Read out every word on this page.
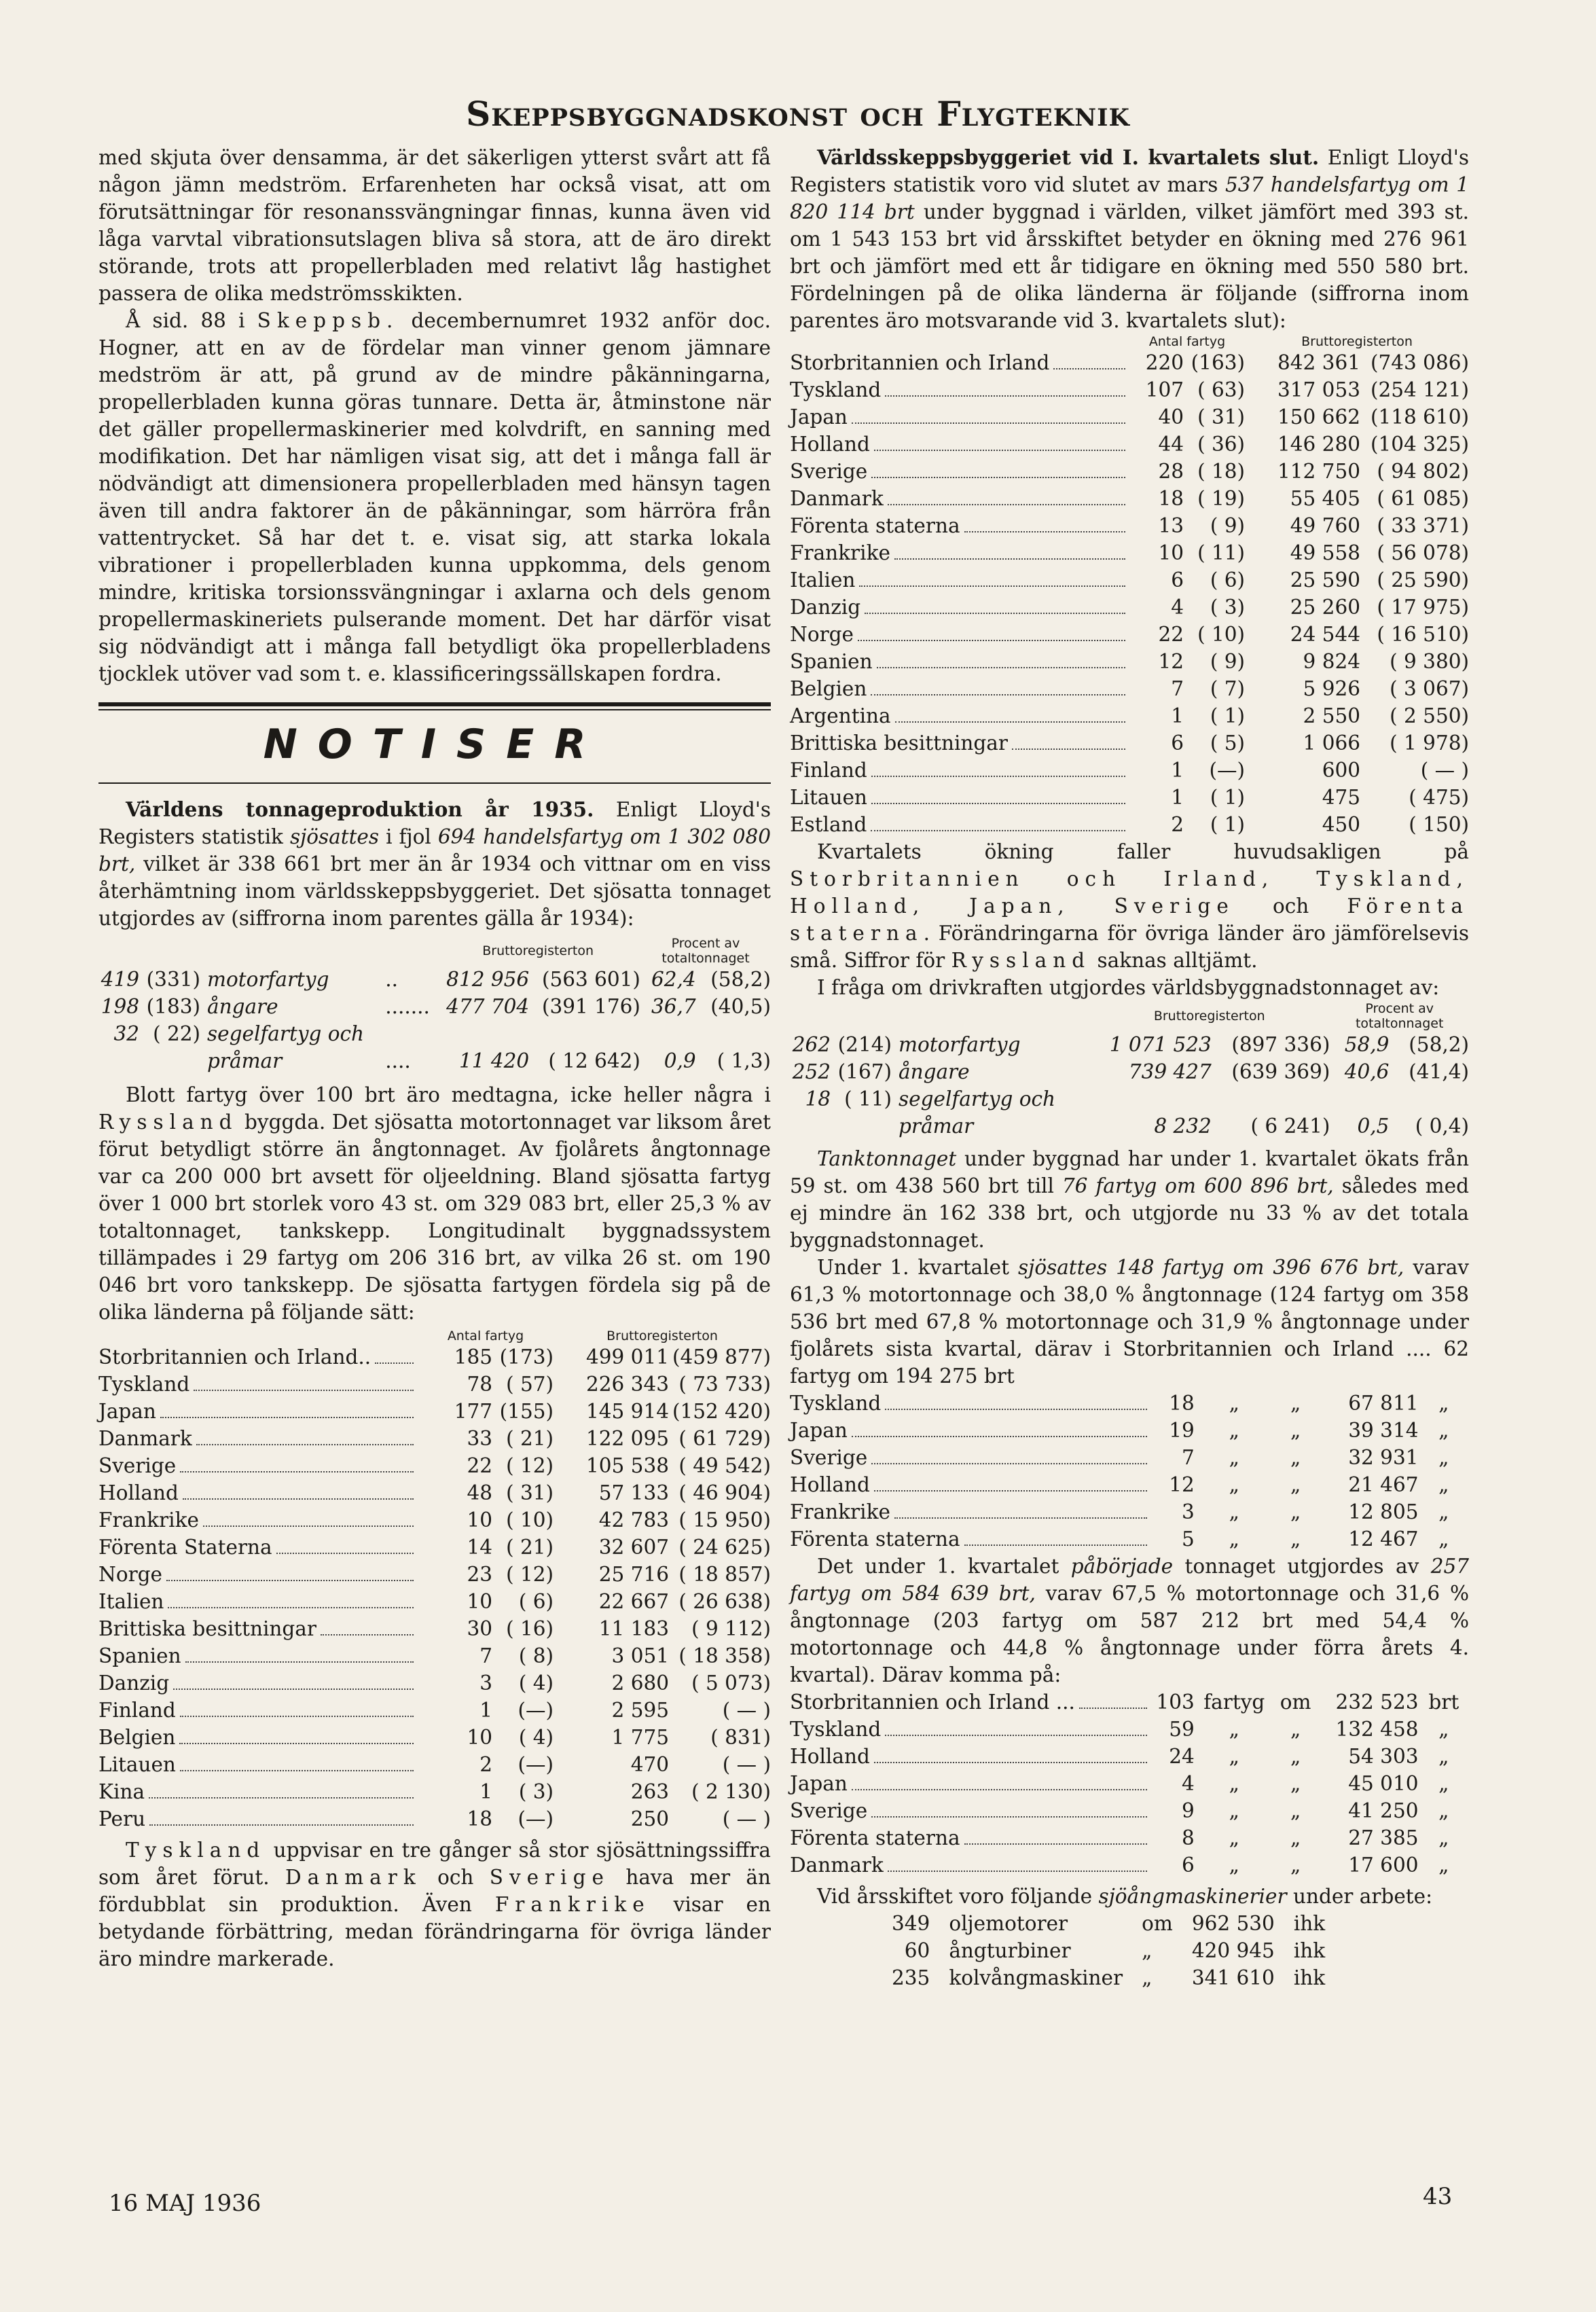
Skeppsbyggnadskonst och Flygteknik

med skjuta över densamma, är det säkerligen ytterst svårt att få någon jämn medström. Erfarenheten har också visat, att om förutsättningar för resonanssvängningar finnas, kunna även vid låga varvtal vibrationsutslagen bliva så stora, att de äro direkt störande, trots att propellerbladen med relativt låg hastighet passera de olika medströmsskikten.

Å sid. 88 i Skeppsb. decembernumret 1932 anför doc. Hogner, att en av de fördelar man vinner genom jämnare medström är att, på grund av de mindre påkänningarna, propellerbladen kunna göras tunnare. Detta är, åtminstone när det gäller propellermaskinerier med kolvdrift, en sanning med modifikation. Det har nämligen visat sig, att det i många fall är nödvändigt att dimensionera propellerbladen med hänsyn tagen även till andra faktorer än de påkänningar, som härröra från vattentrycket. Så har det t. e. visat sig, att starka lokala vibrationer i propellerbladen kunna uppkomma, dels genom mindre, kritiska torsionssvängningar i axlarna och dels genom propellermaskineriets pulserande moment. Det har därför visat sig nödvändigt att i många fall betydligt öka propellerbladens tjocklek utöver vad som t. e. klassificeringssällskapen fordra.

NOTISER

Världens tonnageproduktion år 1935. Enligt Lloyd's Registers statistik sjösattes i fjol 694 handelsfartyg om 1 302 080 brt, vilket är 338 661 brt mer än år 1934 och vittnar om en viss återhämtning inom världsskeppsbyggeriet. Det sjösatta tonnaget utgjordes av (siffrorna inom parentes gälla år 1934):

				Bruttoregisterton		Procent av totaltonnaget	
419	(331)	motorfartyg	..	812 956	(563 601)	62,4	(58,2)
198	(183)	ångare	.......	477 704	(391 176)	36,7	(40,5)
32	( 22)	segelfartyg och					
		pråmar	....	11 420	( 12 642)	0,9	( 1,3)

Blott fartyg över 100 brt äro medtagna, icke heller några i Ryssland byggda. Det sjösatta motortonnaget var liksom året förut betydligt större än ångtonnaget. Av fjolårets ångtonnage var ca 200 000 brt avsett för oljeeldning. Bland sjösatta fartyg över 1 000 brt storlek voro 43 st. om 329 083 brt, eller 25,3 % av totaltonnaget, tankskepp. Longitudinalt byggnadssystem tillämpades i 29 fartyg om 206 316 brt, av vilka 26 st. om 190 046 brt voro tankskepp. De sjösatta fartygen fördela sig på de olika länderna på följande sätt:

	Antal fartyg		Bruttoregisterton	

Storbritannien och Irland..	185	(173)	499 011	(459 877)

Tyskland	78	( 57)	226 343	( 73 733)

Japan	177	(155)	145 914	(152 420)

Danmark	33	( 21)	122 095	( 61 729)

Sverige	22	( 12)	105 538	( 49 542)

Holland	48	( 31)	57 133	( 46 904)

Frankrike	10	( 10)	42 783	( 15 950)

Förenta Staterna	14	( 21)	32 607	( 24 625)

Norge	23	( 12)	25 716	( 18 857)

Italien	10	( 6)	22 667	( 26 638)

Brittiska besittningar	30	( 16)	11 183	( 9 112)

Spanien	7	( 8)	3 051	( 18 358)

Danzig	3	( 4)	2 680	( 5 073)

Finland	1	(—)	2 595	( — )

Belgien	10	( 4)	1 775	( 831)

Litauen	2	(—)	470	( — )

Kina	1	( 3)	263	( 2 130)

Peru	18	(—)	250	( — )

Tyskland uppvisar en tre gånger så stor sjösättningssiffra som året förut. Danmark och Sverige hava mer än fördubblat sin produktion. Även Frankrike visar en betydande förbättring, medan förändringarna för övriga länder äro mindre markerade.

Världsskeppsbyggeriet vid I. kvartalets slut. Enligt Lloyd's Registers statistik voro vid slutet av mars 537 handelsfartyg om 1 820 114 brt under byggnad i världen, vilket jämfört med 393 st. om 1 543 153 brt vid årsskiftet betyder en ökning med 276 961 brt och jämfört med ett år tidigare en ökning med 550 580 brt. Fördelningen på de olika länderna är följande (siffrorna inom parentes äro motsvarande vid 3. kvartalets slut):

	Antal fartyg		Bruttoregisterton	

Storbritannien och Irland	220	(163)	842 361	(743 086)

Tyskland	107	( 63)	317 053	(254 121)

Japan	40	( 31)	150 662	(118 610)

Holland	44	( 36)	146 280	(104 325)

Sverige	28	( 18)	112 750	( 94 802)

Danmark	18	( 19)	55 405	( 61 085)

Förenta staterna	13	( 9)	49 760	( 33 371)

Frankrike	10	( 11)	49 558	( 56 078)

Italien	6	( 6)	25 590	( 25 590)

Danzig	4	( 3)	25 260	( 17 975)

Norge	22	( 10)	24 544	( 16 510)

Spanien	12	( 9)	9 824	( 9 380)

Belgien	7	( 7)	5 926	( 3 067)

Argentina	1	( 1)	2 550	( 2 550)

Brittiska besittningar	6	( 5)	1 066	( 1 978)

Finland	1	(—)	600	( — )

Litauen	1	( 1)	475	( 475)

Estland	2	( 1)	450	( 150)

Kvartalets ökning faller huvudsakligen på Storbritannien och Irland, Tyskland, Holland, Japan, Sverige och Förenta staterna. Förändringarna för övriga länder äro jämförelsevis små. Siffror för Ryssland saknas alltjämt.

I fråga om drivkraften utgjordes världsbyggnadstonnaget av:

			Bruttoregisterton		Procent av totaltonnaget	
262	(214)	motorfartyg	1 071 523	(897 336)	58,9	(58,2)
252	(167)	ångare	739 427	(639 369)	40,6	(41,4)
18	( 11)	segelfartyg och				
		pråmar	8 232	( 6 241)	0,5	( 0,4)

Tanktonnaget under byggnad har under 1. kvartalet ökats från 59 st. om 438 560 brt till 76 fartyg om 600 896 brt, således med ej mindre än 162 338 brt, och utgjorde nu 33 % av det totala byggnadstonnaget.

Under 1. kvartalet sjösattes 148 fartyg om 396 676 brt, varav 61,3 % motortonnage och 38,0 % ångtonnage (124 fartyg om 358 536 brt med 67,8 % motortonnage och 31,9 % ångtonnage under fjolårets sista kvartal, därav i Storbritannien och Irland .... 62 fartyg om 194 275 brt

Tyskland	18	„	„	67 811	„

Japan	19	„	„	39 314	„

Sverige	7	„	„	32 931	„

Holland	12	„	„	21 467	„

Frankrike	3	„	„	12 805	„

Förenta staterna	5	„	„	12 467	„

Det under 1. kvartalet påbörjade tonnaget utgjordes av 257 fartyg om 584 639 brt, varav 67,5 % motortonnage och 31,6 % ångtonnage (203 fartyg om 587 212 brt med 54,4 % motortonnage och 44,8 % ångtonnage under förra årets 4. kvartal). Därav komma på:

Storbritannien och Irland ...	103	fartyg	om	232 523	brt

Tyskland	59	„	„	132 458	„

Holland	24	„	„	54 303	„

Japan	4	„	„	45 010	„

Sverige	9	„	„	41 250	„

Förenta staterna	8	„	„	27 385	„

Danmark	6	„	„	17 600	„

Vid årsskiftet voro följande sjöångmaskinerier under arbete:

349	oljemotorer	om	962 530	ihk
60	ångturbiner	„	420 945	ihk
235	kolvångmaskiner	„	341 610	ihk
16 MAJ 1936	43
